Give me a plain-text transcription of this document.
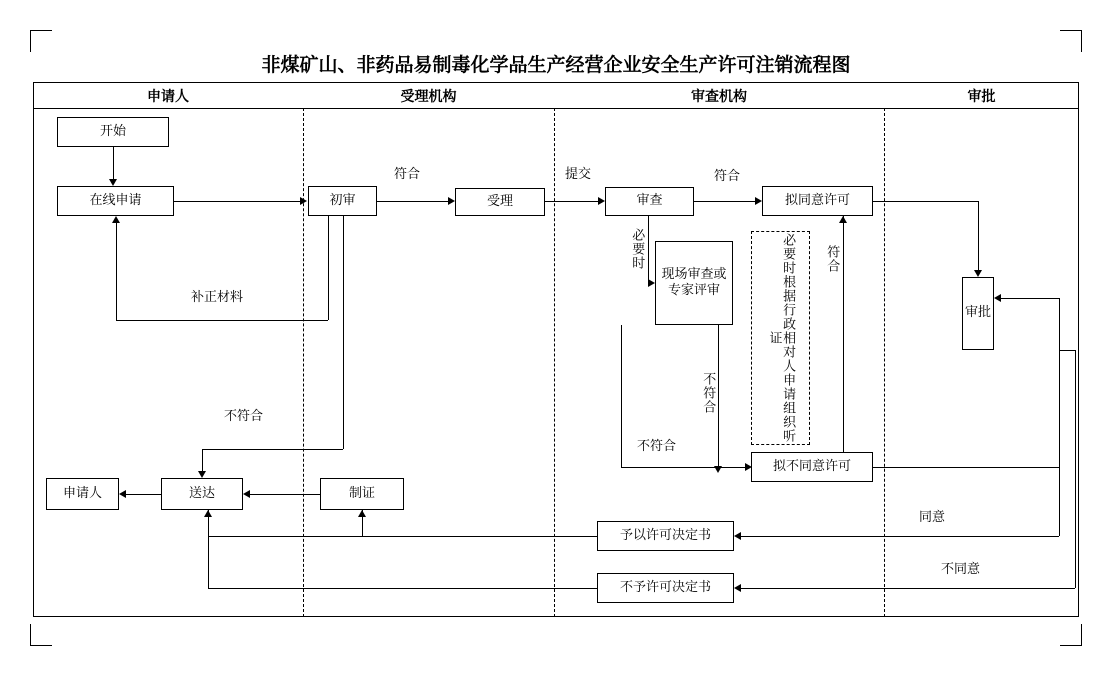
非煤矿山、非药品易制毒化学品生产经营企业安全生产许可注销流程图
申请人	受理机构	审查机构	审批
开始
在线申请	初审	受理	审查	拟同意许可
现场审查或专家评审	必要时根据行政相对人申请组织听证
拟不同意许可
审批
制证
送达
申请人
予以许可决定书
不予许可决定书
符合	提交	符合
必要时
不符合
不符合
符合
同意
不同意
不符合
补正材料
